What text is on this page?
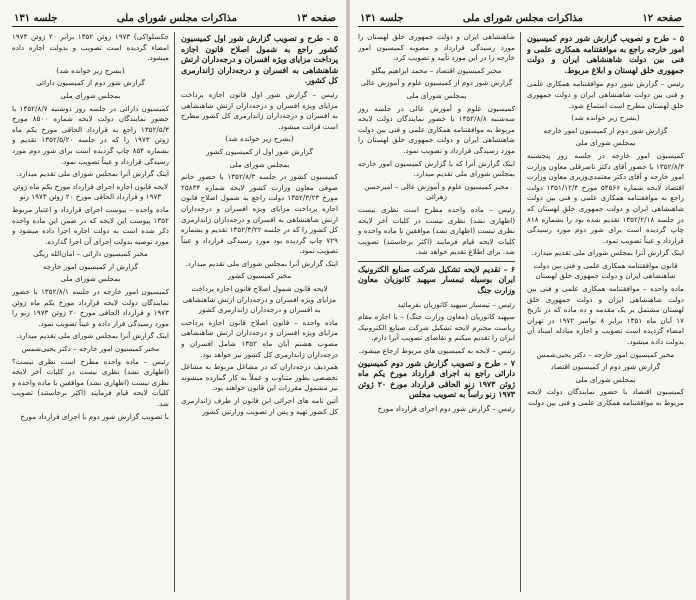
صفحه ۱۳
مذاکرات مجلس شورای ملی
جلسه ۱۳۱

۵ – طرح و تصویب گزارش شور اول کمیسیون کشور راجع به شمول اصلاح قانون اجازه پرداخت مزایای ویژه افسران و درجه‌داران ارتش شاهنشاهی به افسران و درجه‌داران ژاندارمری کل کشور.

رئیس – گزارش شور اول قانون اجازه پرداخت مزایای ویژه افسران و درجه‌داران ارتش شاهنشاهی به افسران و درجه‌داران ژاندارمری کل کشور مطرح است قرائت میشود.

(بشرح زیر خوانده شد)

گزارش شور اول از کمیسیون کشور

بمجلس شورای ملی

کمیسیون کشور در جلسه ۱۳۵۲/۸/۳ با حضور خانم صوفی معاون وزارت کشور لایحه شماره ۲۵۸۳۴ مورخ ۱۳۵۲/۳/۲۳ دولت راجع به شمول اصلاح قانون اجازه پرداخت مزایای ویژه افسران و درجه‌داران ارتش شاهنشاهی به افسران و درجه‌داران ژاندارمری کل کشور را که در جلسه ۱۳۵۲/۳/۲۲ تقدیم و بشماره ۷۲۹ چاپ گردیده بود مورد رسیدگی قرارداد و عیناً تصویب نمود.

اینک گزارش آنرا بمجلس شورای ملی تقدیم میدارد.

مخبر کمیسیون کشور

لایحه قانون شمول اصلاح قانون اجازه پرداخت مزایای ویژه افسران و درجه‌داران ارتش شاهنشاهی به افسران و درجه‌داران ژاندارمری کشور

ماده واحده – قانون اصلاح قانون اجازه پرداخت مزایای ویژه افسران و درجه‌داران ارتش شاهنشاهی مصوب هشتم آبان ماه ۱۳۵۲ شامل افسران و درجه‌داران ژاندارمری کل کشور نیز خواهد بود.

همردیف درجه‌داران که در مشاغل مربوط به مشاغل تخصصی بطور متناوب و عملاً به کار گمارده میشوند نیز مشمول مقررات این قانون خواهند بود.

آئین نامه های اجرائی این قانون از طرف ژاندارمری کل کشور تهیه و پس از تصویب وزارتین کشور

جکسلواکی) ۱۹۷۳ زوئن ۱۳۵۲ برابر ۲۰ ژوئن ۱۹۷۳ امضاء گردیده است تصویب و بدولت اجازه داده میشود.

(بشرح زیر خوانده شد)

گزارش شور دوم از کمیسیون دارائی

بمجلس شورای ملی

کمیسیون دارائی در جلسه روز دوشنبه ۱۳۵۲/۸/۷ با حضور نمایندگان دولت لایحه شماره ۸۵۰۰ مورخ ۱۳۵۲/۵/۳ راجع به قرارداد الحاقی مورخ یکم ماه ژوئن ۱۹۷۳ را که در جلسه ۱۳۵۲/۵/۲۰ تقدیم و بشماره ۸۵۴ چاپ گردیده است برای شور دوم مورد رسیدگی قرارداد و عیناً تصویب نمود.

اینک گزارش آنرا بمجلس شورای ملی تقدیم میدارد.

لایحه قانون اجازه اجرای قرارداد مورخ یکم ماه ژوئن ۱۹۷۳ و قرارداد الحاقی مورخ ۲۰ ژوئن ۱۹۷۳ زنو

ماده واحده – پیوست اجرای قرارداد و اعتبار مربوط ۱۳۵۲ پیوست این لایحه که در ضمن این ماده واحده ذکر شده است به دولت اجازه اجرا داده میشود و مورد توصیه بدولت اجرای آن اجرا گذارده.

مخبر کمیسیون دارائی – امان‌الله ریگی

گزارش از کمیسیون امور خارجه

بمجلس شورای ملی

کمیسیون امور خارجه در جلسه ۱۳۵۲/۸/۱ با حضور نمایندگان دولت لایحه قرارداد مورخ یکم ماه ژوئن ۱۹۷۳ و قرارداد الحاقی مورخ ۲۰ ژوئن ۱۹۷۳ زنو را مورد رسیدگی قرار داده و عیناً تصویب نمود.

اینک گزارش آنرا بمجلس شورای ملی تقدیم میدارد.

مخبر کمیسیون امور خارجه – دکتر یحیی‌شمس

رئیس – ماده واحده مطرح است نظری نیست؟ (اظهاری نشد) نظری نیست در کلیات آخر لایحه نظری نیست (اظهاری نشد) موافقین با ماده واحده و کلیات لایحه قیام فرمایند (اکثر برخاستند) تصویب شد.

با تصویب گزارش شور دوم با اجرای قرارداد مورخ

صفحه ۱۲
مذاکرات مجلس شورای ملی
جلسه ۱۳۱

۵ – طرح و تصویب گزارش شور دوم کمیسیون امور خارجه راجع به موافقتنامه همکاری علمی و فنی بین دولت شاهنشاهی ایران و دولت جمهوری خلق لهستان و ابلاغ مربوط.

رئیس – گزارش شور دوم موافقتنامه همکاری علمی و فنی بین دولت شاهنشاهی ایران و دولت جمهوری خلق لهستان مطرح است استماع شود.

(بشرح زیر خوانده شد)

گزارش شور دوم از کمیسیون امور خارجه

بمجلس شورای ملی

کمیسیون امور خارجه در جلسه روز پنجشنبه ۱۳۵۲/۸/۳ با حضور آقای دکتر ناصرقلی معاون وزارت امور خارجه و آقای دکتر معتمدی‌وزیری معاون وزارت اقتصاد لایحه شماره ۵۴۵۶۶ مورخ ۱۳۵۱/۱۲/۴ دولت راجع به موافقتنامه همکاری علمی و فنی بین دولت شاهنشاهی ایران و دولت جمهوری خلق لهستان که در جلسه ۱۳۵۲/۲/۱۸ تقدیم شده بود را بشماره ۸۱۸ چاپ گردیده است برای شور دوم مورد رسیدگی قرارداد و عیناً تصویب نمود.

اینک گزارش آنرا بمجلس شورای ملی تقدیم میدارد.

قانون موافقتنامه همکاری علمی و فنی بین دولت شاهنشاهی ایران و دولت جمهوری خلق لهستان

ماده واحده – موافقتنامه همکاری علمی و فنی بین دولت شاهنشاهی ایران و دولت جمهوری خلق لهستان مشتمل بر یک مقدمه و ده ماده که در تاریخ ۱۷ آبان ماه ۱۳۵۱ برابر ۸ نوامبر ۱۹۷۲ در تهران امضاء گردیده است تصویب و اجازه مبادله اسناد آن بدولت داده میشود.

مخبر کمیسیون امور خارجه – دکتر یحیی‌شمس

گزارش شور دوم از کمیسیون اقتصاد

بمجلس شورای ملی

کمیسیون اقتصاد با حضور نمایندگان دولت لایحه مربوط به موافقتنامه همکاری علمی و فنی بین دولت

شاهنشاهی ایران و دولت جمهوری خلق لهستان را مورد رسیدگی قرارداد و مصوبه کمیسیون امور خارجه را در این مورد تأیید و تصویب کرد.

مخبر کمیسیون اقتصاد – محمد ابراهیم بیگلو

گزارش شور دوم از کمیسیون علوم و آموزش عالی

بمجلس شورای ملی

کمیسیون علوم و آموزش عالی در جلسه روز سه‌شنبه ۱۳۵۲/۸/۸ با حضور نمایندگان دولت لایحه مربوط به موافقتنامه همکاری علمی و فنی بین دولت شاهنشاهی ایران و دولت جمهوری خلق لهستان را مورد رسیدگی قرارداد و تصویب نمود.

اینک گزارش آنرا که با گزارش کمیسیون امور خارجه بمجلس شورای ملی تقدیم میدارد.

مخبر کمیسیون علوم و آموزش عالی – امیرحسن زهرائی

رئیس – ماده واحده مطرح است نظری نیست (اظهاری نشد) نظری نیست در کلیات آخر لایحه نظری نیست (اظهاری نشد) موافقین با ماده واحده و کلیات لایحه قیام فرمایند (اکثر برخاستند) تصویب شد. برای اطلاع تقدیم خواهد شد.

۶ – تقدیم لایحه تشکیل شرکت صنایع الکترونیک ایران بوسیله تیمسار سپهبد کاتوزیان معاون وزارت جنگ

رئیس – تیمسار سپهبد کاتوزیان بفرمائید

سپهبد کاتوزیان (معاون وزارت جنگ) – با اجازه مقام ریاست محترم لایحه تشکیل شرکت صنایع الکترونیک ایران را تقدیم میکنم و تقاضای تصویب آنرا دارم.

رئیس – لایحه به کمیسیون های مربوط ارجاع میشود.

۷ – طرح و تصویب گزارش شور دوم کمیسیون دارائی راجع به اجرای قرارداد مورخ یکم ماه ژوئن ۱۹۷۳ زنو الحاقی قرارداد مورخ ۲۰ ژوئن ۱۹۷۳ زنو راساً به تصویب مجلس

رئیس – گزارش شور دوم اجرای قرارداد مورخ
